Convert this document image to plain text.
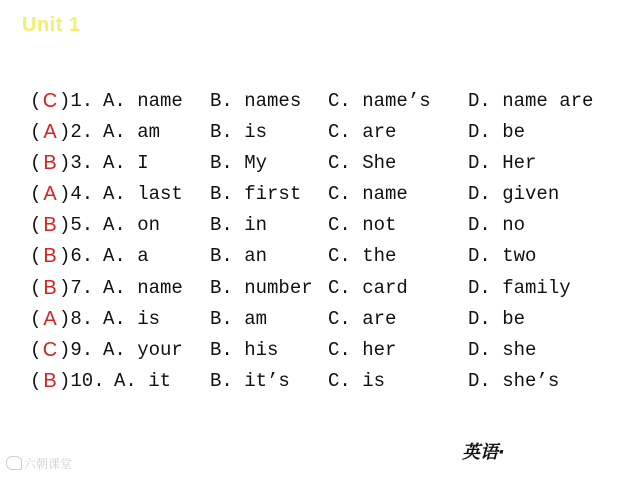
Unit 1
( C )1. A. name B. names C. name’s D. name are
( A )2. A. am	B. is	C. are	D. be
( B )3. A. I	B. My	C. She	D. Her
( A )4. A. last B. first C. name	D. given
( B )5. A. on	B. in	C. not	D. no
( B )6. A. a	B. an	C. the	D. two
( B )7. A. name B. number C. card	D. family
( A )8. A. is	B. am	C. are	D. be
( C )9. A. your B. his	C. her	D. she
( B )10. A. it B. it’s C. is	D. she’s
英语·
六朝课堂
